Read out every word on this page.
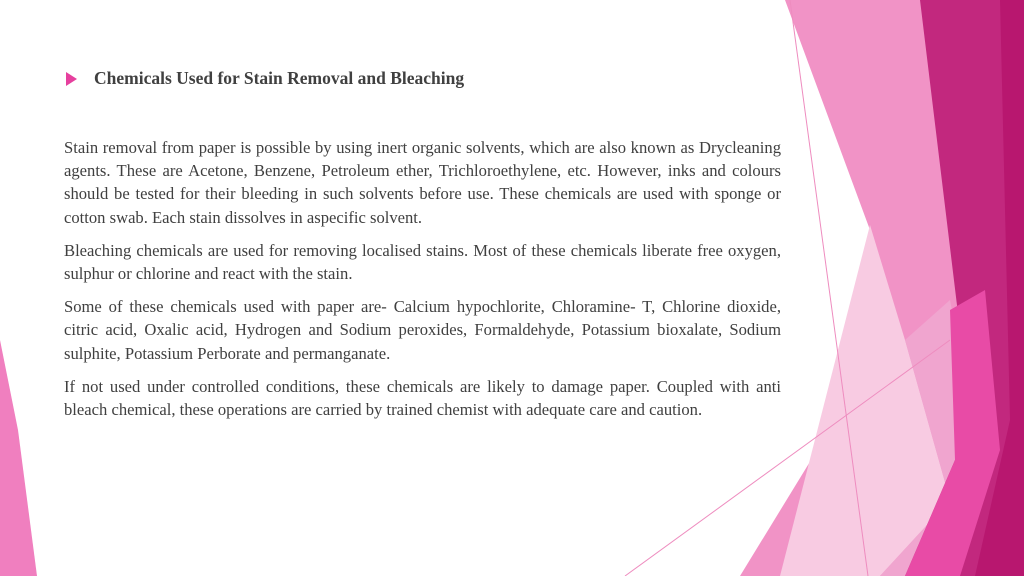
Chemicals Used for Stain Removal and Bleaching

Stain removal from paper is possible by using inert organic solvents, which are also known as Drycleaning agents. These are Acetone, Benzene, Petroleum ether, Trichloroethylene, etc. However, inks and colours should be tested for their bleeding in such solvents before use. These chemicals are used with sponge or cotton swab. Each stain dissolves in aspecific solvent.

Bleaching chemicals are used for removing localised stains. Most of these chemicals liberate free oxygen, sulphur or chlorine and react with the stain.

Some of these chemicals used with paper are- Calcium hypochlorite, Chloramine- T, Chlorine dioxide, citric acid, Oxalic acid, Hydrogen and Sodium peroxides, Formaldehyde, Potassium bioxalate, Sodium sulphite, Potassium Perborate and permanganate.

If not used under controlled conditions, these chemicals are likely to damage paper. Coupled with anti bleach chemical, these operations are carried by trained chemist with adequate care and caution.
